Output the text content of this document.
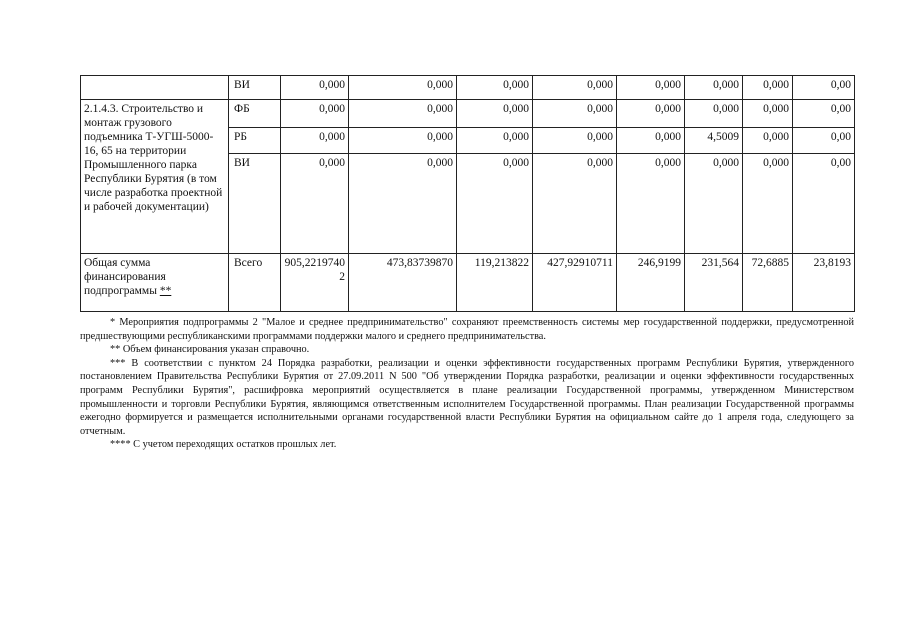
	ВИ	0,000	0,000	0,000	0,000	0,000	0,000	0,000	0,00
2.1.4.3. Строительство и монтаж грузового подъемника Т-УГШ-5000-16, 65 на территории Промышленного парка Республики Бурятия (в том числе разработка проектной и рабочей документации)	ФБ	0,000	0,000	0,000	0,000	0,000	0,000	0,000	0,00
	РБ	0,000	0,000	0,000	0,000	0,000	4,5009	0,000	0,00
	ВИ	0,000	0,000	0,000	0,000	0,000	0,000	0,000	0,00
Общая сумма финансирования подпрограммы **	Всего	905,22197402	473,83739870	119,213822	427,92910711	246,9199	231,564	72,6885	23,8193

* Мероприятия подпрограммы 2 "Малое и среднее предпринимательство" сохраняют преемственность системы мер государственной поддержки, предусмотренной предшествующими республиканскими программами поддержки малого и среднего предпринимательства.

** Объем финансирования указан справочно.

*** В соответствии с пунктом 24 Порядка разработки, реализации и оценки эффективности государственных программ Республики Бурятия, утвержденного постановлением Правительства Республики Бурятия от 27.09.2011 N 500 "Об утверждении Порядка разработки, реализации и оценки эффективности государственных программ Республики Бурятия", расшифровка мероприятий осуществляется в плане реализации Государственной программы, утвержденном Министерством промышленности и торговли Республики Бурятия, являющимся ответственным исполнителем Государственной программы. План реализации Государственной программы ежегодно формируется и размещается исполнительными органами государственной власти Республики Бурятия на официальном сайте до 1 апреля года, следующего за отчетным.

**** С учетом переходящих остатков прошлых лет.
